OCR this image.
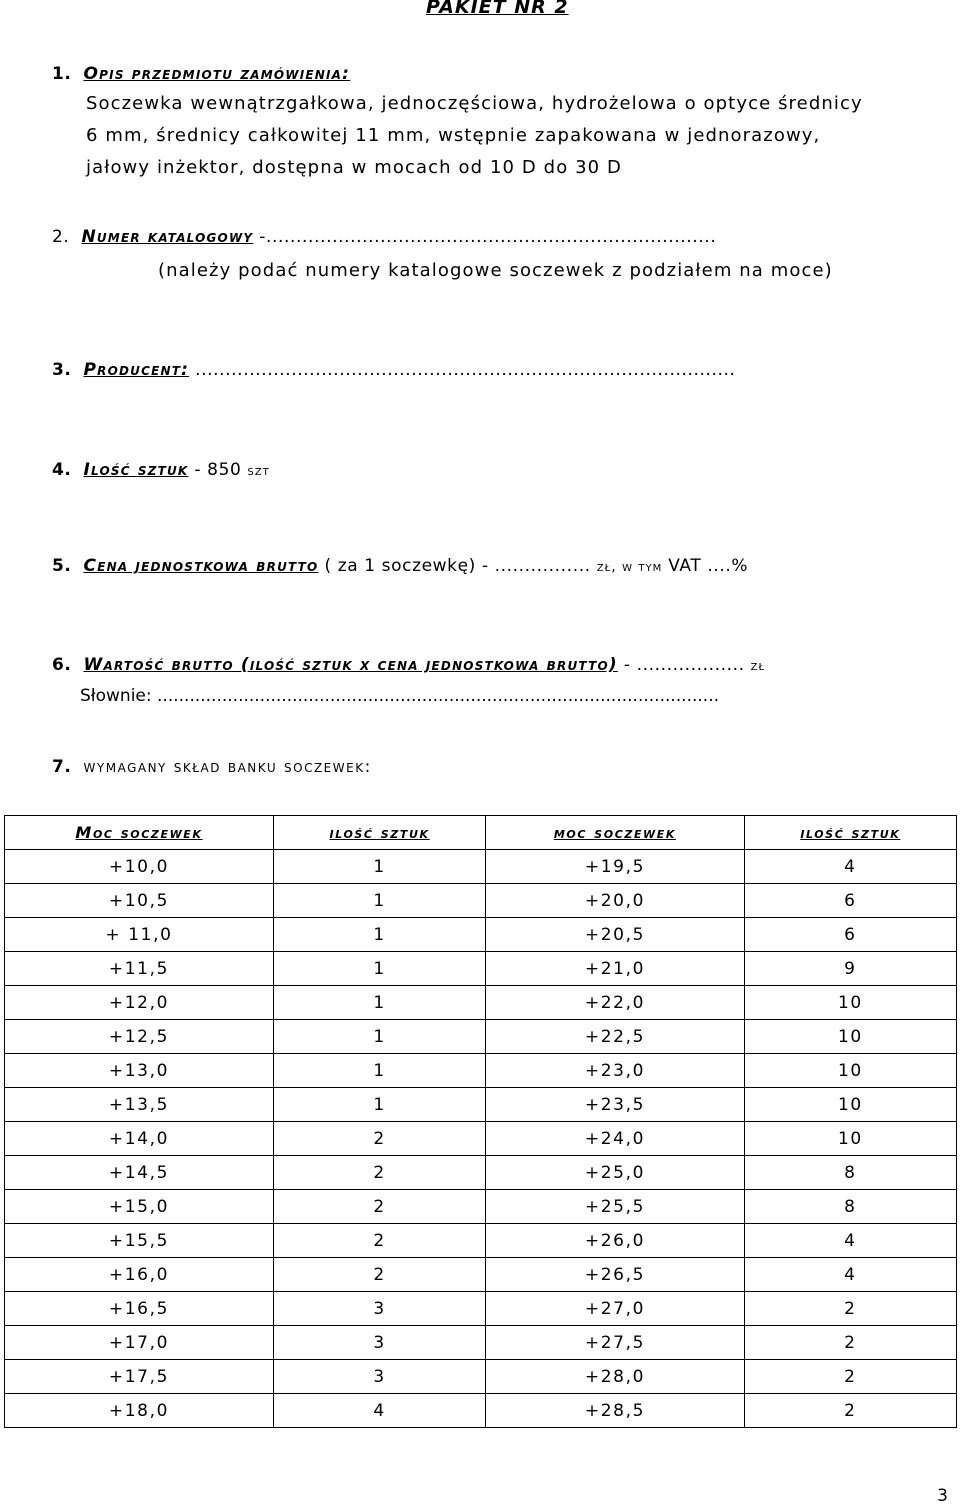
PAKIET NR 2
1. Opis przedmiotu zamówienia:
Soczewka wewnątrzgałkowa, jednoczęściowa, hydrożelowa o optyce średnicy
6 mm, średnicy całkowitej 11 mm, wstępnie zapakowana w jednorazowy,
jałowy inżektor, dostępna w mocach od 10 D do 30 D
2. Numer katalogowy -...........................................................................
(należy podać numery katalogowe soczewek z podziałem na moce)
3. Producent: ..........................................................................................
4. Ilość sztuk - 850 szt
5. Cena jednostkowa brutto ( za 1 soczewkę) - ................ zł, w tym VAT ....%
6. Wartość brutto (ilość sztuk x cena jednostkowa brutto) - .................. zł
Słownie: ........................................................................................................
7. wymagany skład banku soczewek:
Moc soczewek	ilość sztuk	moc soczewek	ilość sztuk
+10,0	1	+19,5	4
+10,5	1	+20,0	6
+ 11,0	1	+20,5	6
+11,5	1	+21,0	9
+12,0	1	+22,0	10
+12,5	1	+22,5	10
+13,0	1	+23,0	10
+13,5	1	+23,5	10
+14,0	2	+24,0	10
+14,5	2	+25,0	8
+15,0	2	+25,5	8
+15,5	2	+26,0	4
+16,0	2	+26,5	4
+16,5	3	+27,0	2
+17,0	3	+27,5	2
+17,5	3	+28,0	2
+18,0	4	+28,5	2
3
